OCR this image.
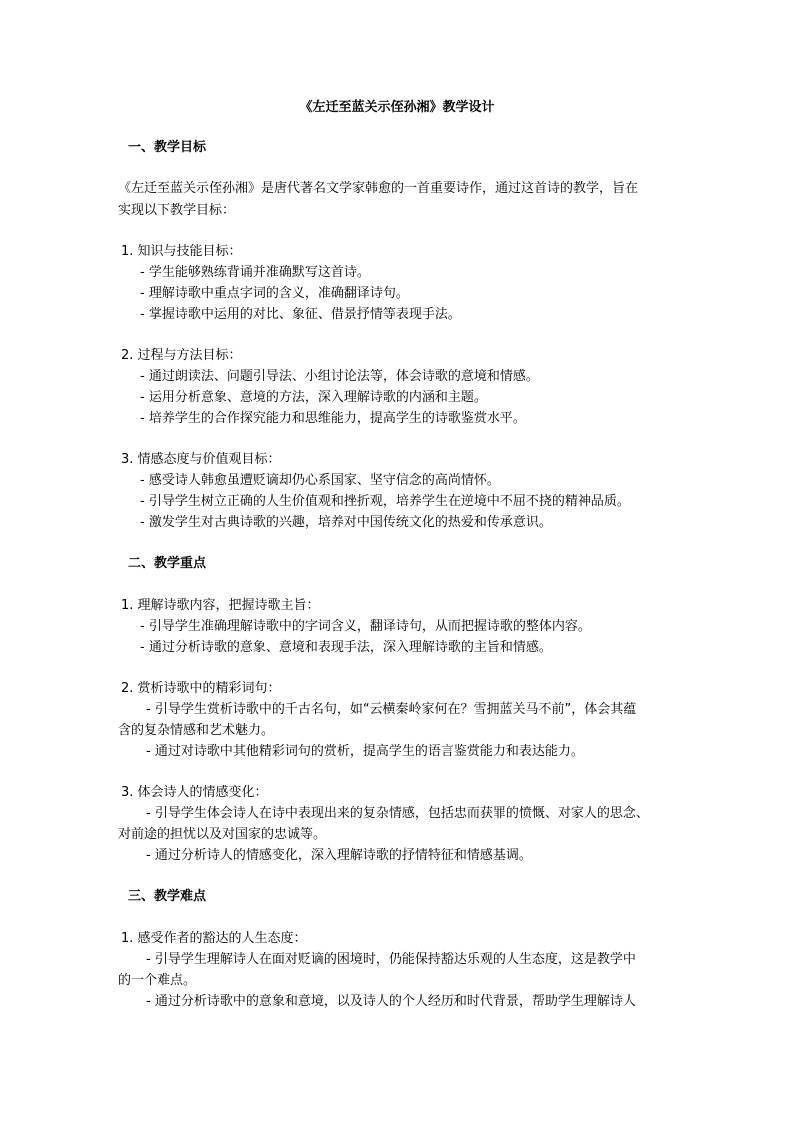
《左迁至蓝关示侄孙湘》教学设计
一、教学目标
《左迁至蓝关示侄孙湘》是唐代著名文学家韩愈的一首重要诗作，通过这首诗的教学，旨在
实现以下教学目标：
1. 知识与技能目标：
- 学生能够熟练背诵并准确默写这首诗。
- 理解诗歌中重点字词的含义，准确翻译诗句。
- 掌握诗歌中运用的对比、象征、借景抒情等表现手法。
2. 过程与方法目标：
- 通过朗读法、问题引导法、小组讨论法等，体会诗歌的意境和情感。
- 运用分析意象、意境的方法，深入理解诗歌的内涵和主题。
- 培养学生的合作探究能力和思维能力，提高学生的诗歌鉴赏水平。
3. 情感态度与价值观目标：
- 感受诗人韩愈虽遭贬谪却仍心系国家、坚守信念的高尚情怀。
- 引导学生树立正确的人生价值观和挫折观，培养学生在逆境中不屈不挠的精神品质。
- 激发学生对古典诗歌的兴趣，培养对中国传统文化的热爱和传承意识。
二、教学重点
1. 理解诗歌内容，把握诗歌主旨：
- 引导学生准确理解诗歌中的字词含义，翻译诗句，从而把握诗歌的整体内容。
- 通过分析诗歌的意象、意境和表现手法，深入理解诗歌的主旨和情感。
2. 赏析诗歌中的精彩词句：
- 引导学生赏析诗歌中的千古名句，如“云横秦岭家何在？雪拥蓝关马不前”，体会其蕴
含的复杂情感和艺术魅力。
- 通过对诗歌中其他精彩词句的赏析，提高学生的语言鉴赏能力和表达能力。
3. 体会诗人的情感变化：
- 引导学生体会诗人在诗中表现出来的复杂情感，包括忠而获罪的愤慨、对家人的思念、
对前途的担忧以及对国家的忠诚等。
- 通过分析诗人的情感变化，深入理解诗歌的抒情特征和情感基调。
三、教学难点
1. 感受作者的豁达的人生态度：
- 引导学生理解诗人在面对贬谪的困境时，仍能保持豁达乐观的人生态度，这是教学中
的一个难点。
- 通过分析诗歌中的意象和意境，以及诗人的个人经历和时代背景，帮助学生理解诗人
